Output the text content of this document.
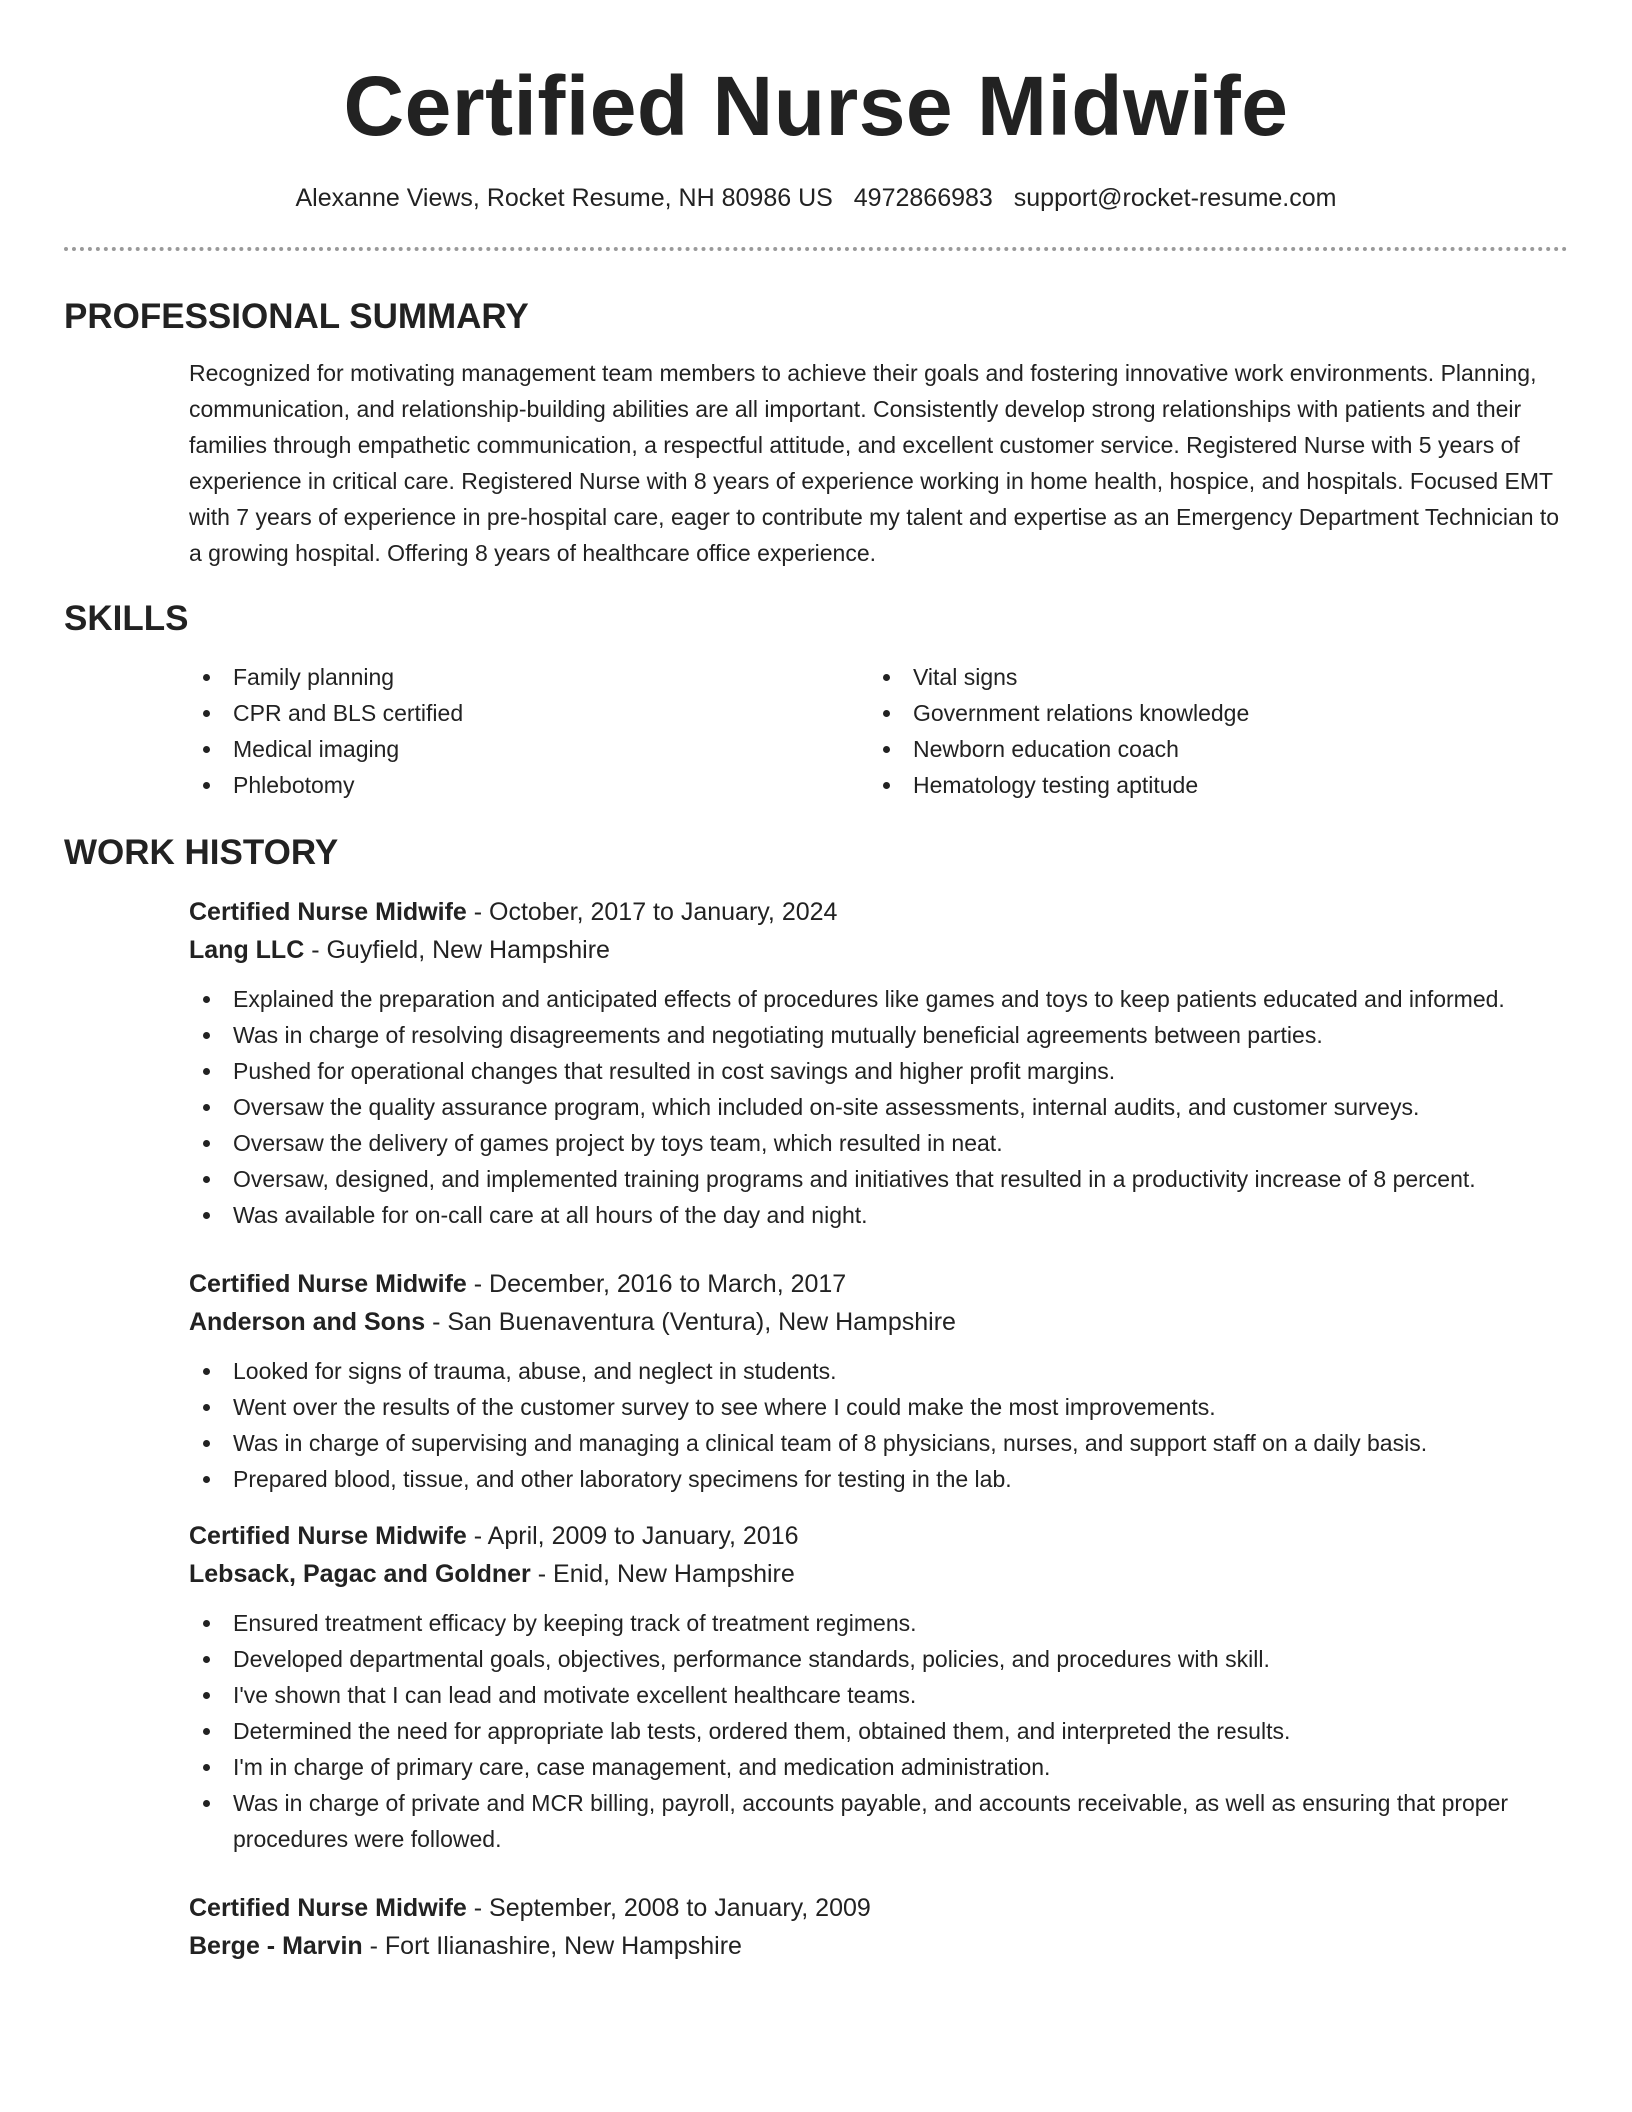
Certified Nurse Midwife
Alexanne Views, Rocket Resume, NH 80986 US 4972866983 support@rocket-resume.com
PROFESSIONAL SUMMARY
Recognized for motivating management team members to achieve their goals and fostering innovative work environments. Planning, communication, and relationship-building abilities are all important. Consistently develop strong relationships with patients and their families through empathetic communication, a respectful attitude, and excellent customer service. Registered Nurse with 5 years of experience in critical care. Registered Nurse with 8 years of experience working in home health, hospice, and hospitals. Focused EMT with 7 years of experience in pre-hospital care, eager to contribute my talent and expertise as an Emergency Department Technician to a growing hospital. Offering 8 years of healthcare office experience.
SKILLS
Family planning
CPR and BLS certified
Medical imaging
Phlebotomy
Vital signs
Government relations knowledge
Newborn education coach
Hematology testing aptitude
WORK HISTORY
Certified Nurse Midwife - October, 2017 to January, 2024
Lang LLC - Guyfield, New Hampshire
Explained the preparation and anticipated effects of procedures like games and toys to keep patients educated and informed.
Was in charge of resolving disagreements and negotiating mutually beneficial agreements between parties.
Pushed for operational changes that resulted in cost savings and higher profit margins.
Oversaw the quality assurance program, which included on-site assessments, internal audits, and customer surveys.
Oversaw the delivery of games project by toys team, which resulted in neat.
Oversaw, designed, and implemented training programs and initiatives that resulted in a productivity increase of 8 percent.
Was available for on-call care at all hours of the day and night.
Certified Nurse Midwife - December, 2016 to March, 2017
Anderson and Sons - San Buenaventura (Ventura), New Hampshire
Looked for signs of trauma, abuse, and neglect in students.
Went over the results of the customer survey to see where I could make the most improvements.
Was in charge of supervising and managing a clinical team of 8 physicians, nurses, and support staff on a daily basis.
Prepared blood, tissue, and other laboratory specimens for testing in the lab.
Certified Nurse Midwife - April, 2009 to January, 2016
Lebsack, Pagac and Goldner - Enid, New Hampshire
Ensured treatment efficacy by keeping track of treatment regimens.
Developed departmental goals, objectives, performance standards, policies, and procedures with skill.
I've shown that I can lead and motivate excellent healthcare teams.
Determined the need for appropriate lab tests, ordered them, obtained them, and interpreted the results.
I'm in charge of primary care, case management, and medication administration.
Was in charge of private and MCR billing, payroll, accounts payable, and accounts receivable, as well as ensuring that proper procedures were followed.
Certified Nurse Midwife - September, 2008 to January, 2009
Berge - Marvin - Fort Ilianashire, New Hampshire
